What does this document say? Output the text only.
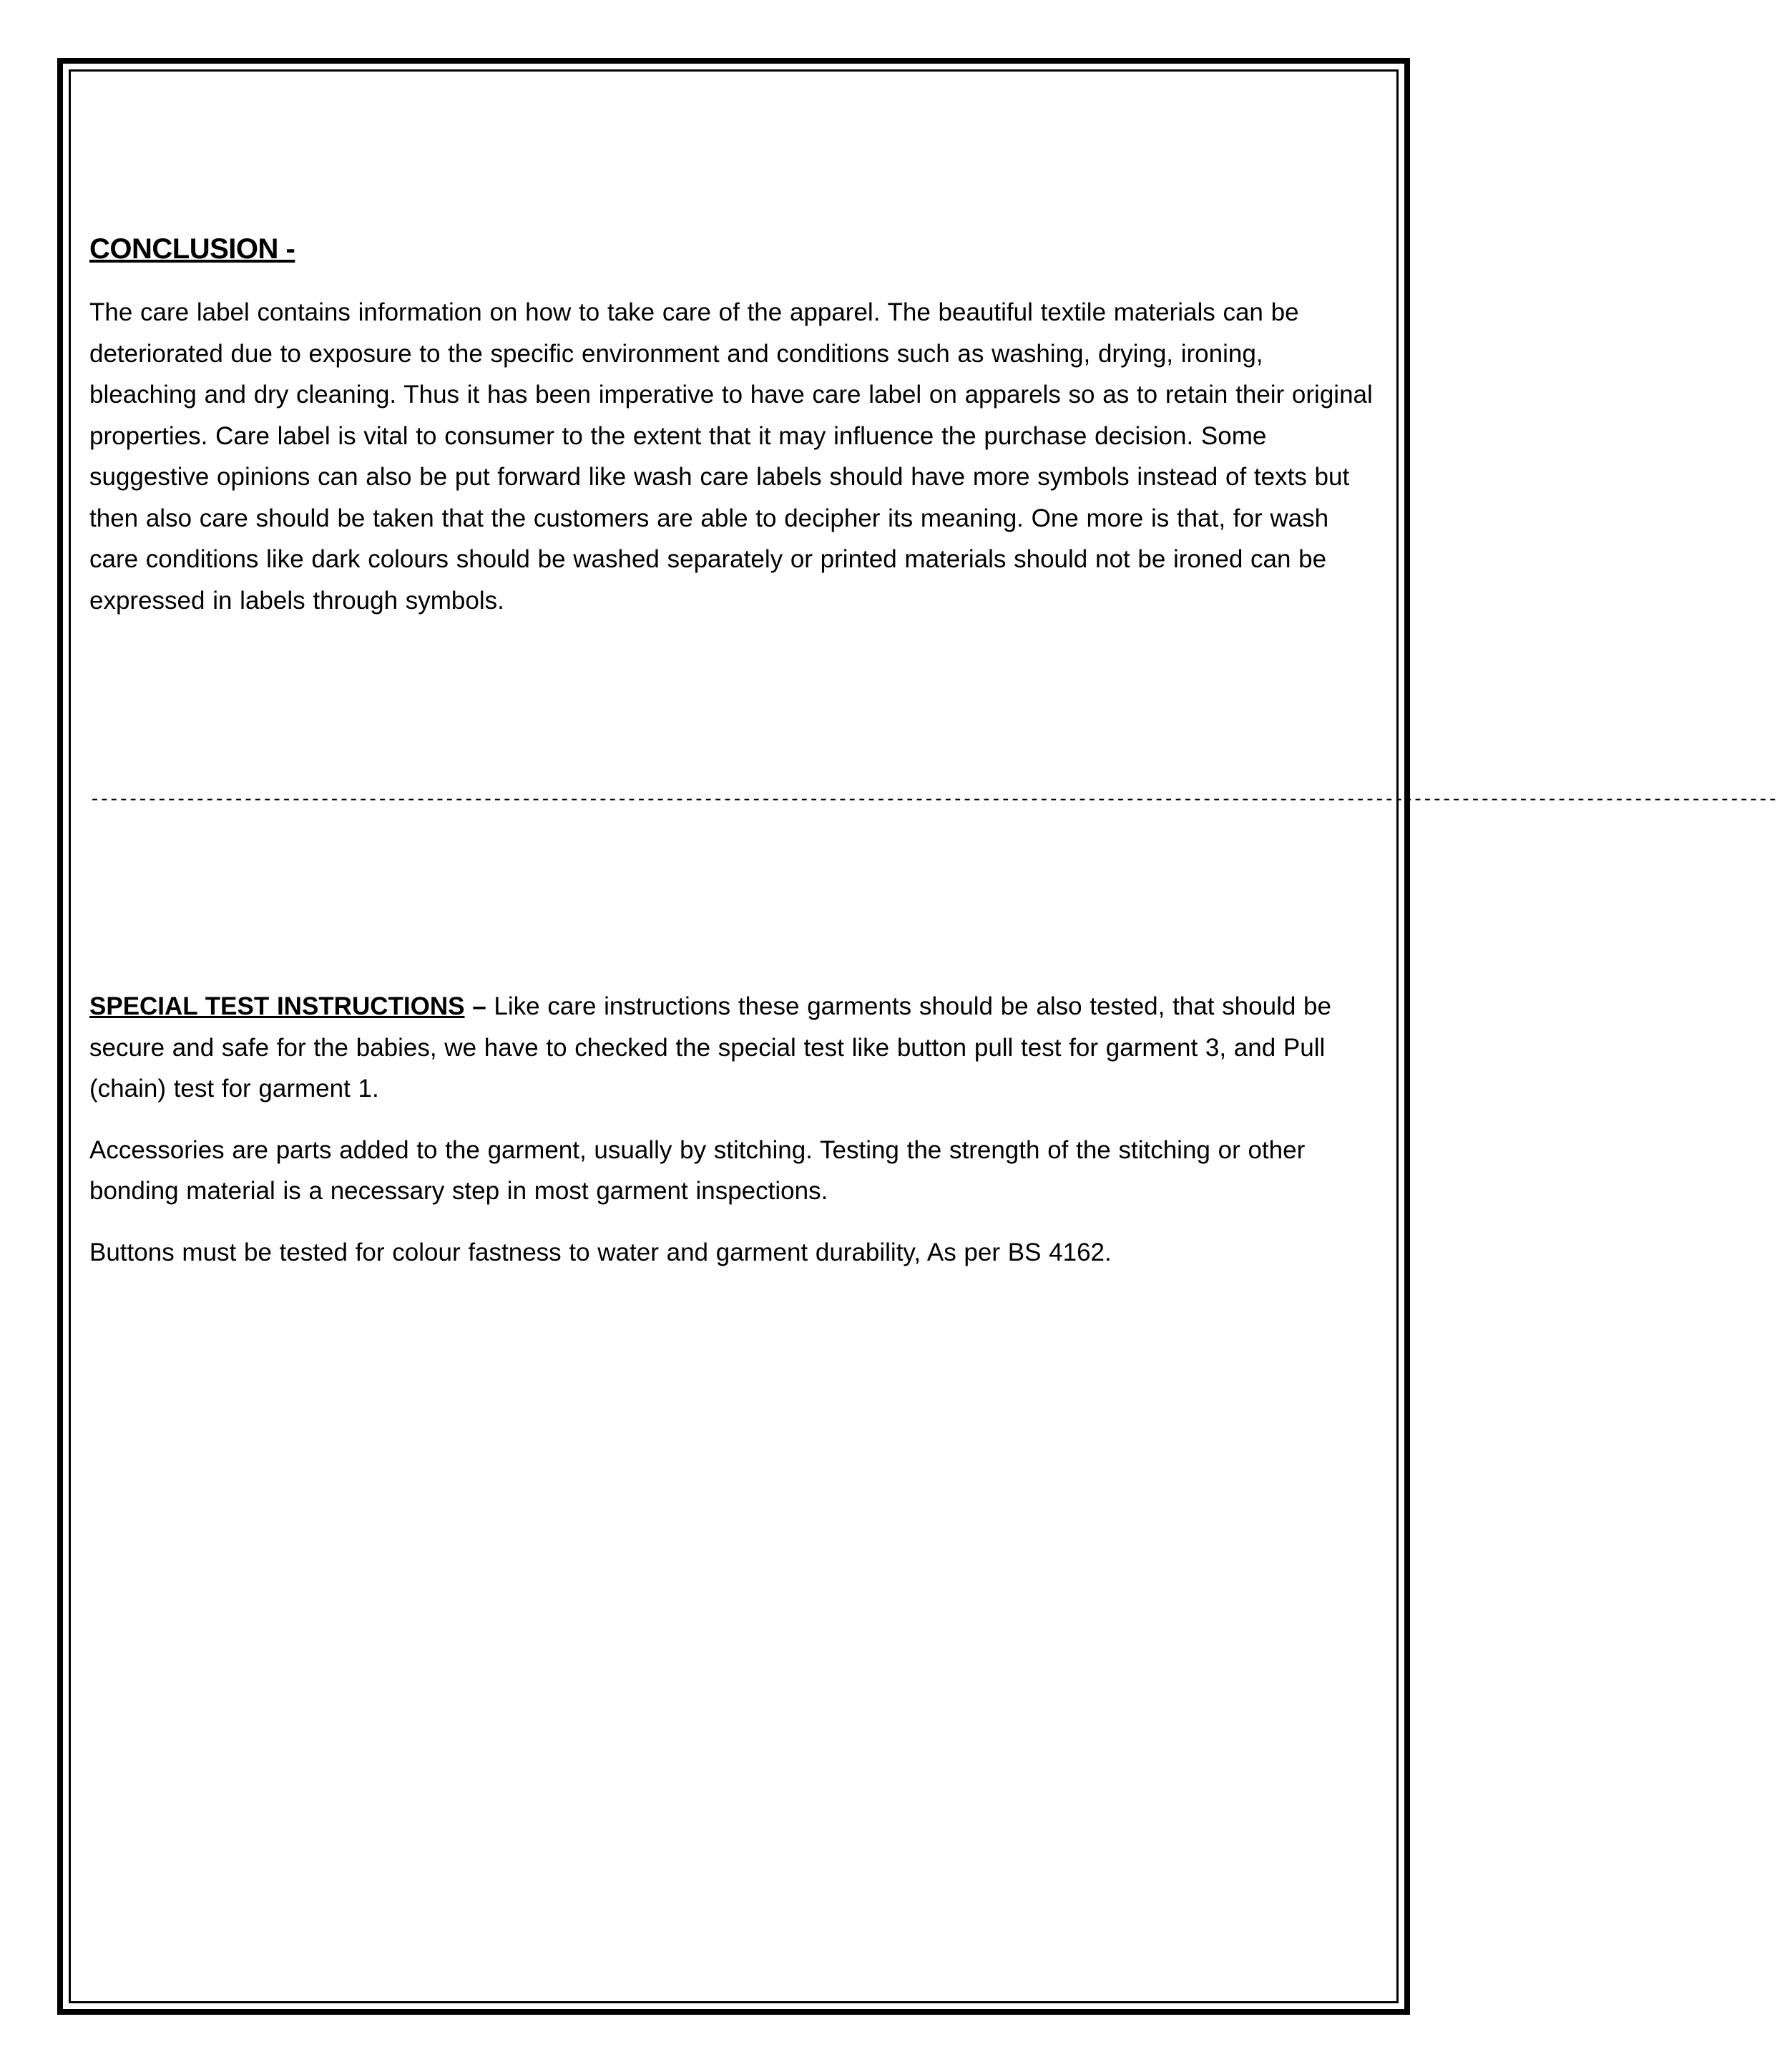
CONCLUSION -

The care label contains information on how to take care of the apparel. The beautiful textile materials can be deteriorated due to exposure to the specific environment and conditions such as washing, drying, ironing, bleaching and dry cleaning. Thus it has been imperative to have care label on apparels so as to retain their original properties. Care label is vital to consumer to the extent that it may influence the purchase decision. Some suggestive opinions can also be put forward like wash care labels should have more symbols instead of texts but then also care should be taken that the customers are able to decipher its meaning. One more is that, for wash care conditions like dark colours should be washed separately or printed materials should not be ironed can be expressed in labels through symbols.

--------------------------------------------------------------------------------------------------------------------------------------------------------------------------------

SPECIAL TEST INSTRUCTIONS – Like care instructions these garments should be also tested, that should be secure and safe for the babies, we have to checked the special test like button pull test for garment 3, and Pull (chain) test for garment 1.

Accessories are parts added to the garment, usually by stitching. Testing the strength of the stitching or other bonding material is a necessary step in most garment inspections.

Buttons must be tested for colour fastness to water and garment durability, As per BS 4162.
